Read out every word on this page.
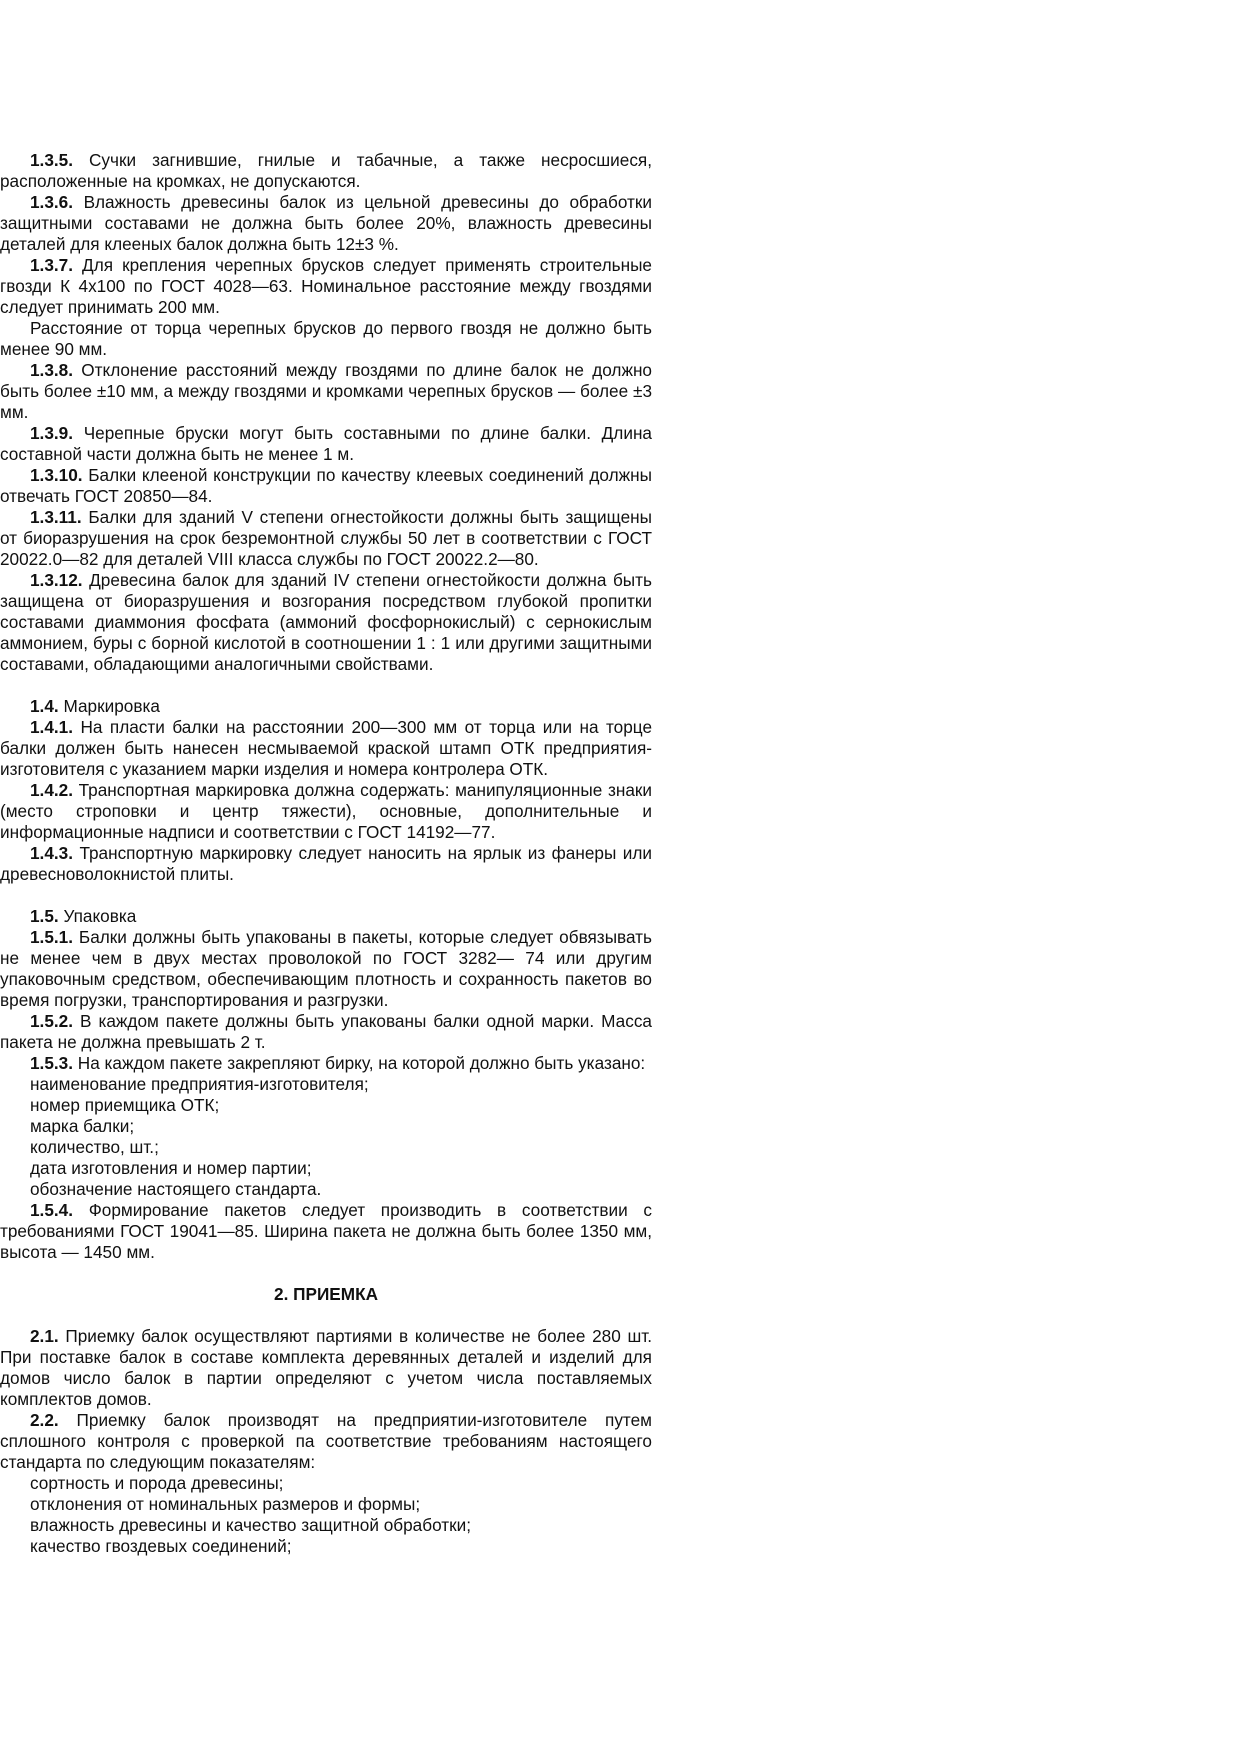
1.3.5. Сучки загнившие, гнилые и табачные, а также несросшиеся, расположенные на кромках, не допускаются.

1.3.6. Влажность древесины балок из цельной древесины до обработки защитными составами не должна быть более 20%, влажность древесины деталей для клееных балок должна быть 12±3 %.

1.3.7. Для крепления черепных брусков следует применять строительные гвозди К 4х100 по ГОСТ 4028—63. Номинальное расстояние между гвоздями следует принимать 200 мм.

Расстояние от торца черепных брусков до первого гвоздя не должно быть менее 90 мм.

1.3.8. Отклонение расстояний между гвоздями по длине балок не должно быть более ±10 мм, а между гвоздями и кромками черепных брусков — более ±3 мм.

1.3.9. Черепные бруски могут быть составными по длине балки. Длина составной части должна быть не менее 1 м.

1.3.10. Балки клееной конструкции по качеству клеевых соединений должны отвечать ГОСТ 20850—84.

1.3.11. Балки для зданий V степени огнестойкости должны быть защищены от биоразрушения на срок безремонтной службы 50 лет в соответствии с ГОСТ 20022.0—82 для деталей VIII класса службы по ГОСТ 20022.2—80.

1.3.12. Древесина балок для зданий IV степени огнестойкости должна быть защищена от биоразрушения и возгорания посредством глубокой пропитки составами диаммония фосфата (аммоний фосфорнокислый) с сернокислым аммонием, буры с борной кислотой в соотношении 1 : 1 или другими защитными составами, обладающими аналогичными свойствами.

1.4. Маркировка

1.4.1. На пласти балки на расстоянии 200—300 мм от торца или на торце балки должен быть нанесен несмываемой краской штамп ОТК предприятия-изготовителя с указанием марки изделия и номера контролера ОТК.

1.4.2. Транспортная маркировка должна содержать: манипуляционные знаки (место строповки и центр тяжести), основные, дополнительные и информационные надписи и соответствии с ГОСТ 14192—77.

1.4.3. Транспортную маркировку следует наносить на ярлык из фанеры или древесноволокнистой плиты.

1.5. Упаковка

1.5.1. Балки должны быть упакованы в пакеты, которые следует обвязывать не менее чем в двух местах проволокой по ГОСТ 3282— 74 или другим упаковочным средством, обеспечивающим плотность и сохранность пакетов во время погрузки, транспортирования и разгрузки.

1.5.2. В каждом пакете должны быть упакованы балки одной марки. Масса пакета не должна превышать 2 т.

1.5.3. На каждом пакете закрепляют бирку, на которой должно быть указано:

наименование предприятия-изготовителя;

номер приемщика ОТК;

марка балки;

количество, шт.;

дата изготовления и номер партии;

обозначение настоящего стандарта.

1.5.4. Формирование пакетов следует производить в соответствии с требованиями ГОСТ 19041—85. Ширина пакета не должна быть более 1350 мм, высота — 1450 мм.

2. ПРИЕМКА

2.1. Приемку балок осуществляют партиями в количестве не более 280 шт. При поставке балок в составе комплекта деревянных деталей и изделий для домов число балок в партии определяют с учетом числа поставляемых комплектов домов.

2.2. Приемку балок производят на предприятии-изготовителе путем сплошного контроля с проверкой па соответствие требованиям настоящего стандарта по следующим показателям:

сортность и порода древесины;

отклонения от номинальных размеров и формы;

влажность древесины и качество защитной обработки;

качество гвоздевых соединений;
